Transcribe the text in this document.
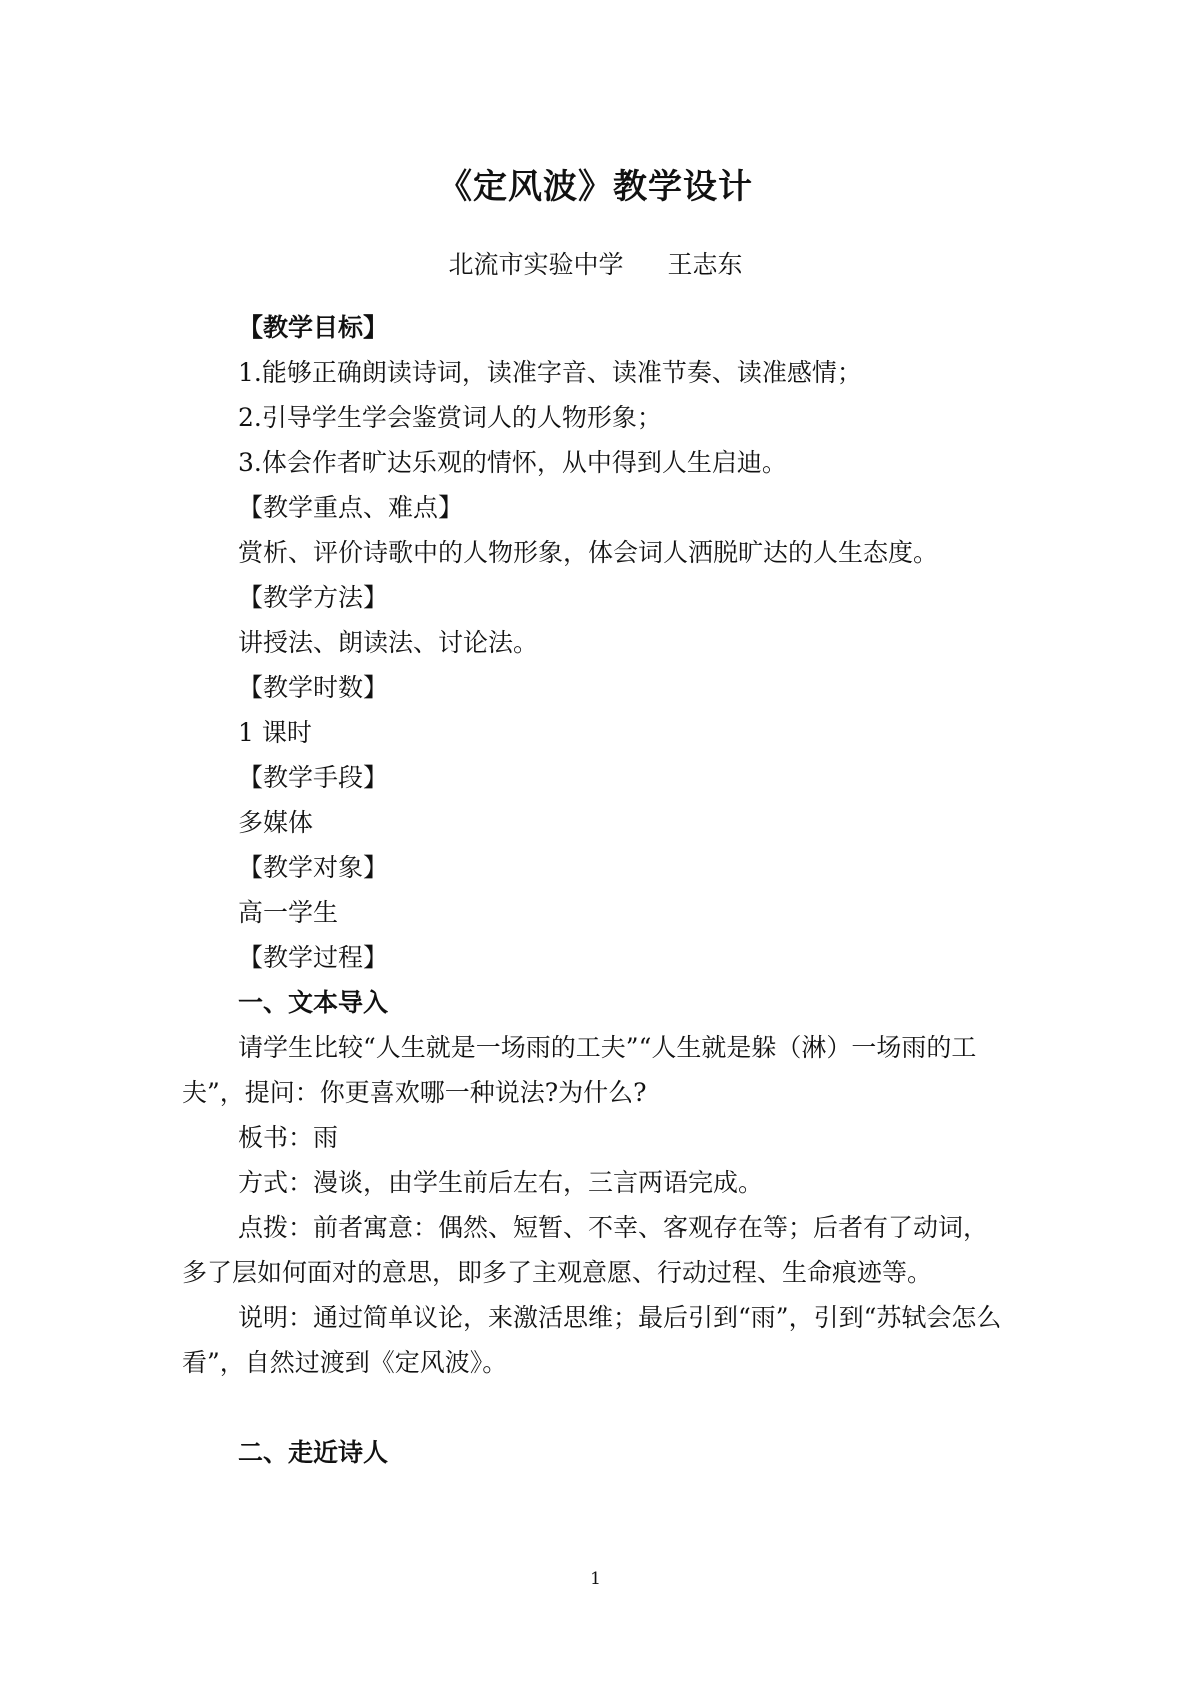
《定风波》教学设计
北流市实验中学 王志东

【教学目标】

1.能够正确朗读诗词，读准字音、读准节奏、读准感情；

2.引导学生学会鉴赏词人的人物形象；

3.体会作者旷达乐观的情怀，从中得到人生启迪。

【教学重点、难点】

赏析、评价诗歌中的人物形象，体会词人洒脱旷达的人生态度。

【教学方法】

讲授法、朗读法、讨论法。

【教学时数】

1 课时

【教学手段】

多媒体

【教学对象】

高一学生

【教学过程】

一、文本导入

请学生比较“人生就是一场雨的工夫”“人生就是躲（淋）一场雨的工夫”，提问：你更喜欢哪一种说法?为什么?

板书：雨

方式：漫谈，由学生前后左右，三言两语完成。

点拨：前者寓意：偶然、短暂、不幸、客观存在等；后者有了动词，多了层如何面对的意思，即多了主观意愿、行动过程、生命痕迹等。

说明：通过简单议论，来激活思维；最后引到“雨”，引到“苏轼会怎么看”，自然过渡到《定风波》。

二、走近诗人

1
